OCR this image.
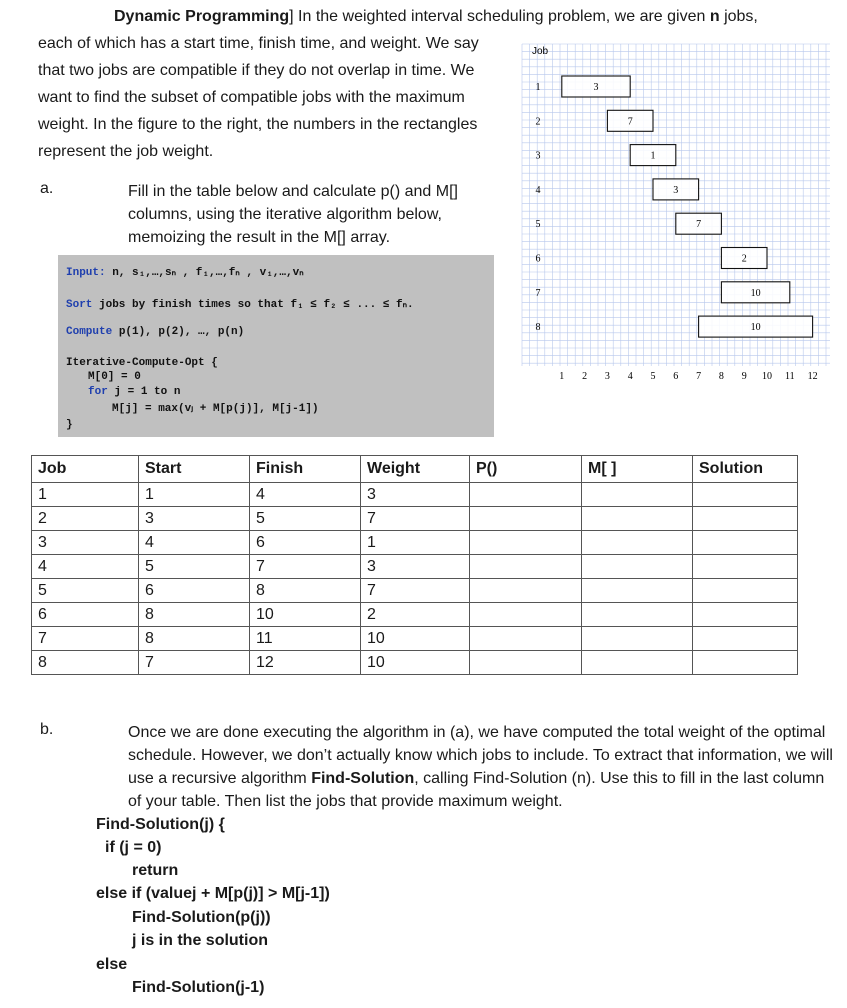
Dynamic Programming] In the weighted interval scheduling problem, we are given n jobs,
each of which has a start time, finish time, and weight. We say that two jobs are compatible if they do not overlap in time. We want to find the subset of compatible jobs with the maximum weight. In the figure to the right, the numbers in the rectangles represent the job weight.
a.	Fill in the table below and calculate p() and M[] columns, using the iterative algorithm below, memoizing the result in the M[] array.
Input: n, s₁,…,sₙ , f₁,…,fₙ , v₁,…,vₙ
Sort jobs by finish times so that f₁ ≤ f₂ ≤ ... ≤ fₙ.
Compute p(1), p(2), …, p(n)
Iterative-Compute-Opt {
M[0] = 0
for j = 1 to n
M[j] = max(vⱼ + M[p(j)], M[j-1])
}
Job
1
2
3
4
5
6
7
8
3
7
1
3
7
2
10
10
1 2 3 4 5 6 7 8 9 10 11 12
Job	Start	Finish	Weight	P()	M[ ]	Solution
1	1	4	3			
2	3	5	7			
3	4	6	1			
4	5	7	3			
5	6	8	7			
6	8	10	2			
7	8	11	10			
8	7	12	10			
b.	Once we are done executing the algorithm in (a), we have computed the total weight of the optimal schedule. However, we don’t actually know which jobs to include. To extract that information, we will use a recursive algorithm Find-Solution, calling Find-Solution (n). Use this to fill in the last column of your table. Then list the jobs that provide maximum weight.
Find-Solution(j) {
if (j = 0)
return
else if (valuej + M[p(j)] > M[j-1])
Find-Solution(p(j))
j is in the solution
else
Find-Solution(j-1)
